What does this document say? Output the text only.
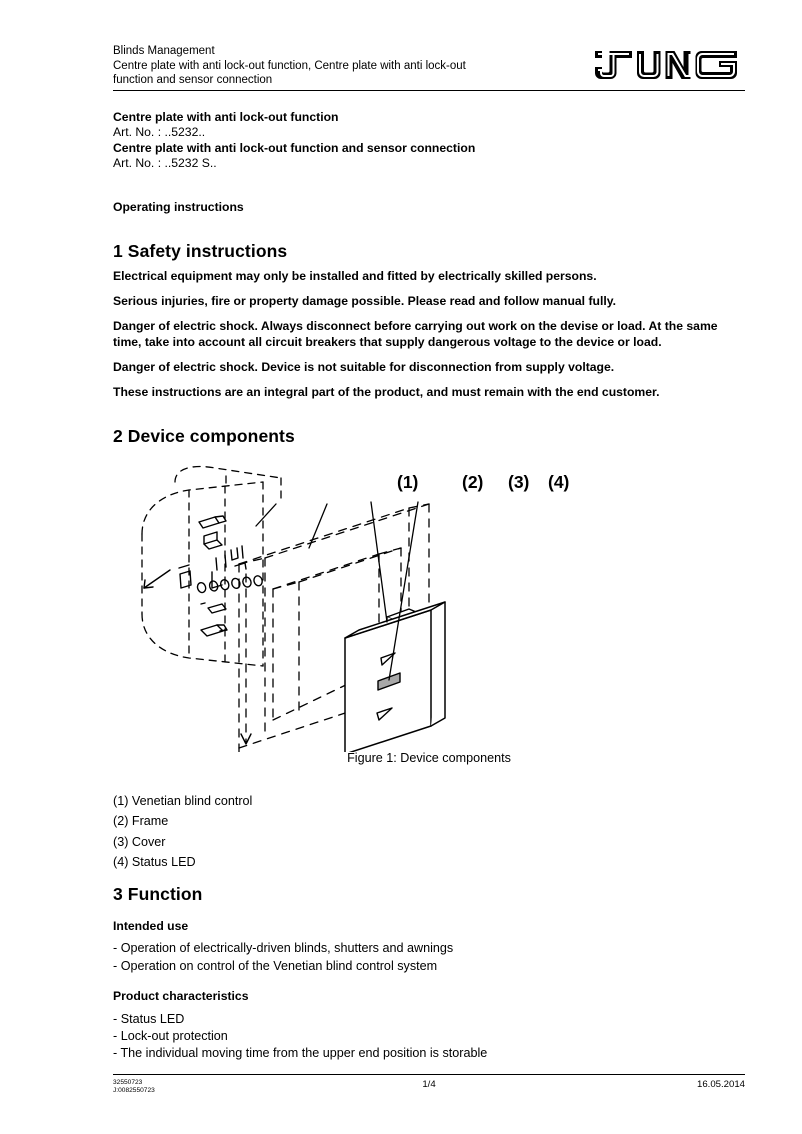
Blinds Management
Centre plate with anti lock-out function, Centre plate with anti lock-out
function and sensor connection
Centre plate with anti lock-out function
Art. No. : ..5232..
Centre plate with anti lock-out function and sensor connection
Art. No. : ..5232 S..
Operating instructions
1 Safety instructions

Electrical equipment may only be installed and fitted by electrically skilled persons.

Serious injuries, fire or property damage possible. Please read and follow manual fully.

Danger of electric shock. Always disconnect before carrying out work on the devise or load. At the same time, take into account all circuit breakers that supply dangerous voltage to the device or load.

Danger of electric shock. Device is not suitable for disconnection from supply voltage.

These instructions are an integral part of the product, and must remain with the end customer.

2 Device components
(1) (2) (3) (4)
Figure 1: Device components
(1) Venetian blind control
(2) Frame
(3) Cover
(4) Status LED
3 Function
Intended use
- Operation of electrically-driven blinds, shutters and awnings
- Operation on control of the Venetian blind control system
Product characteristics
- Status LED
- Lock-out protection
- The individual moving time from the upper end position is storable
32550723
J:0082550723
1/4	16.05.2014
